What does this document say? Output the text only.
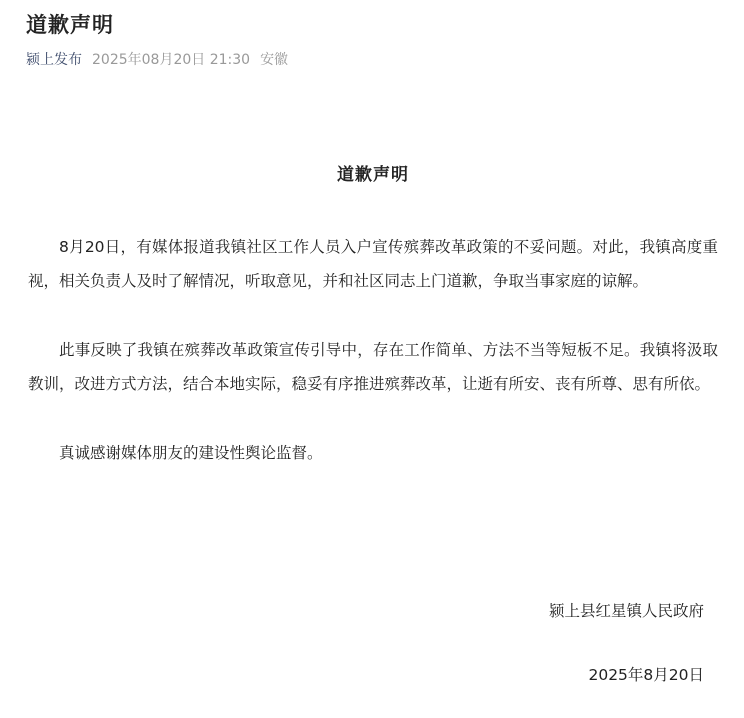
道歉声明
颍上发布 2025年08月20日 21:30 安徽
道歉声明

8月20日，有媒体报道我镇社区工作人员入户宣传殡葬改革政策的不妥问题。对此，我镇高度重视，相关负责人及时了解情况，听取意见，并和社区同志上门道歉，争取当事家庭的谅解。

此事反映了我镇在殡葬改革政策宣传引导中，存在工作简单、方法不当等短板不足。我镇将汲取教训，改进方式方法，结合本地实际，稳妥有序推进殡葬改革，让逝有所安、丧有所尊、思有所依。

真诚感谢媒体朋友的建设性舆论监督。

颍上县红星镇人民政府
2025年8月20日
